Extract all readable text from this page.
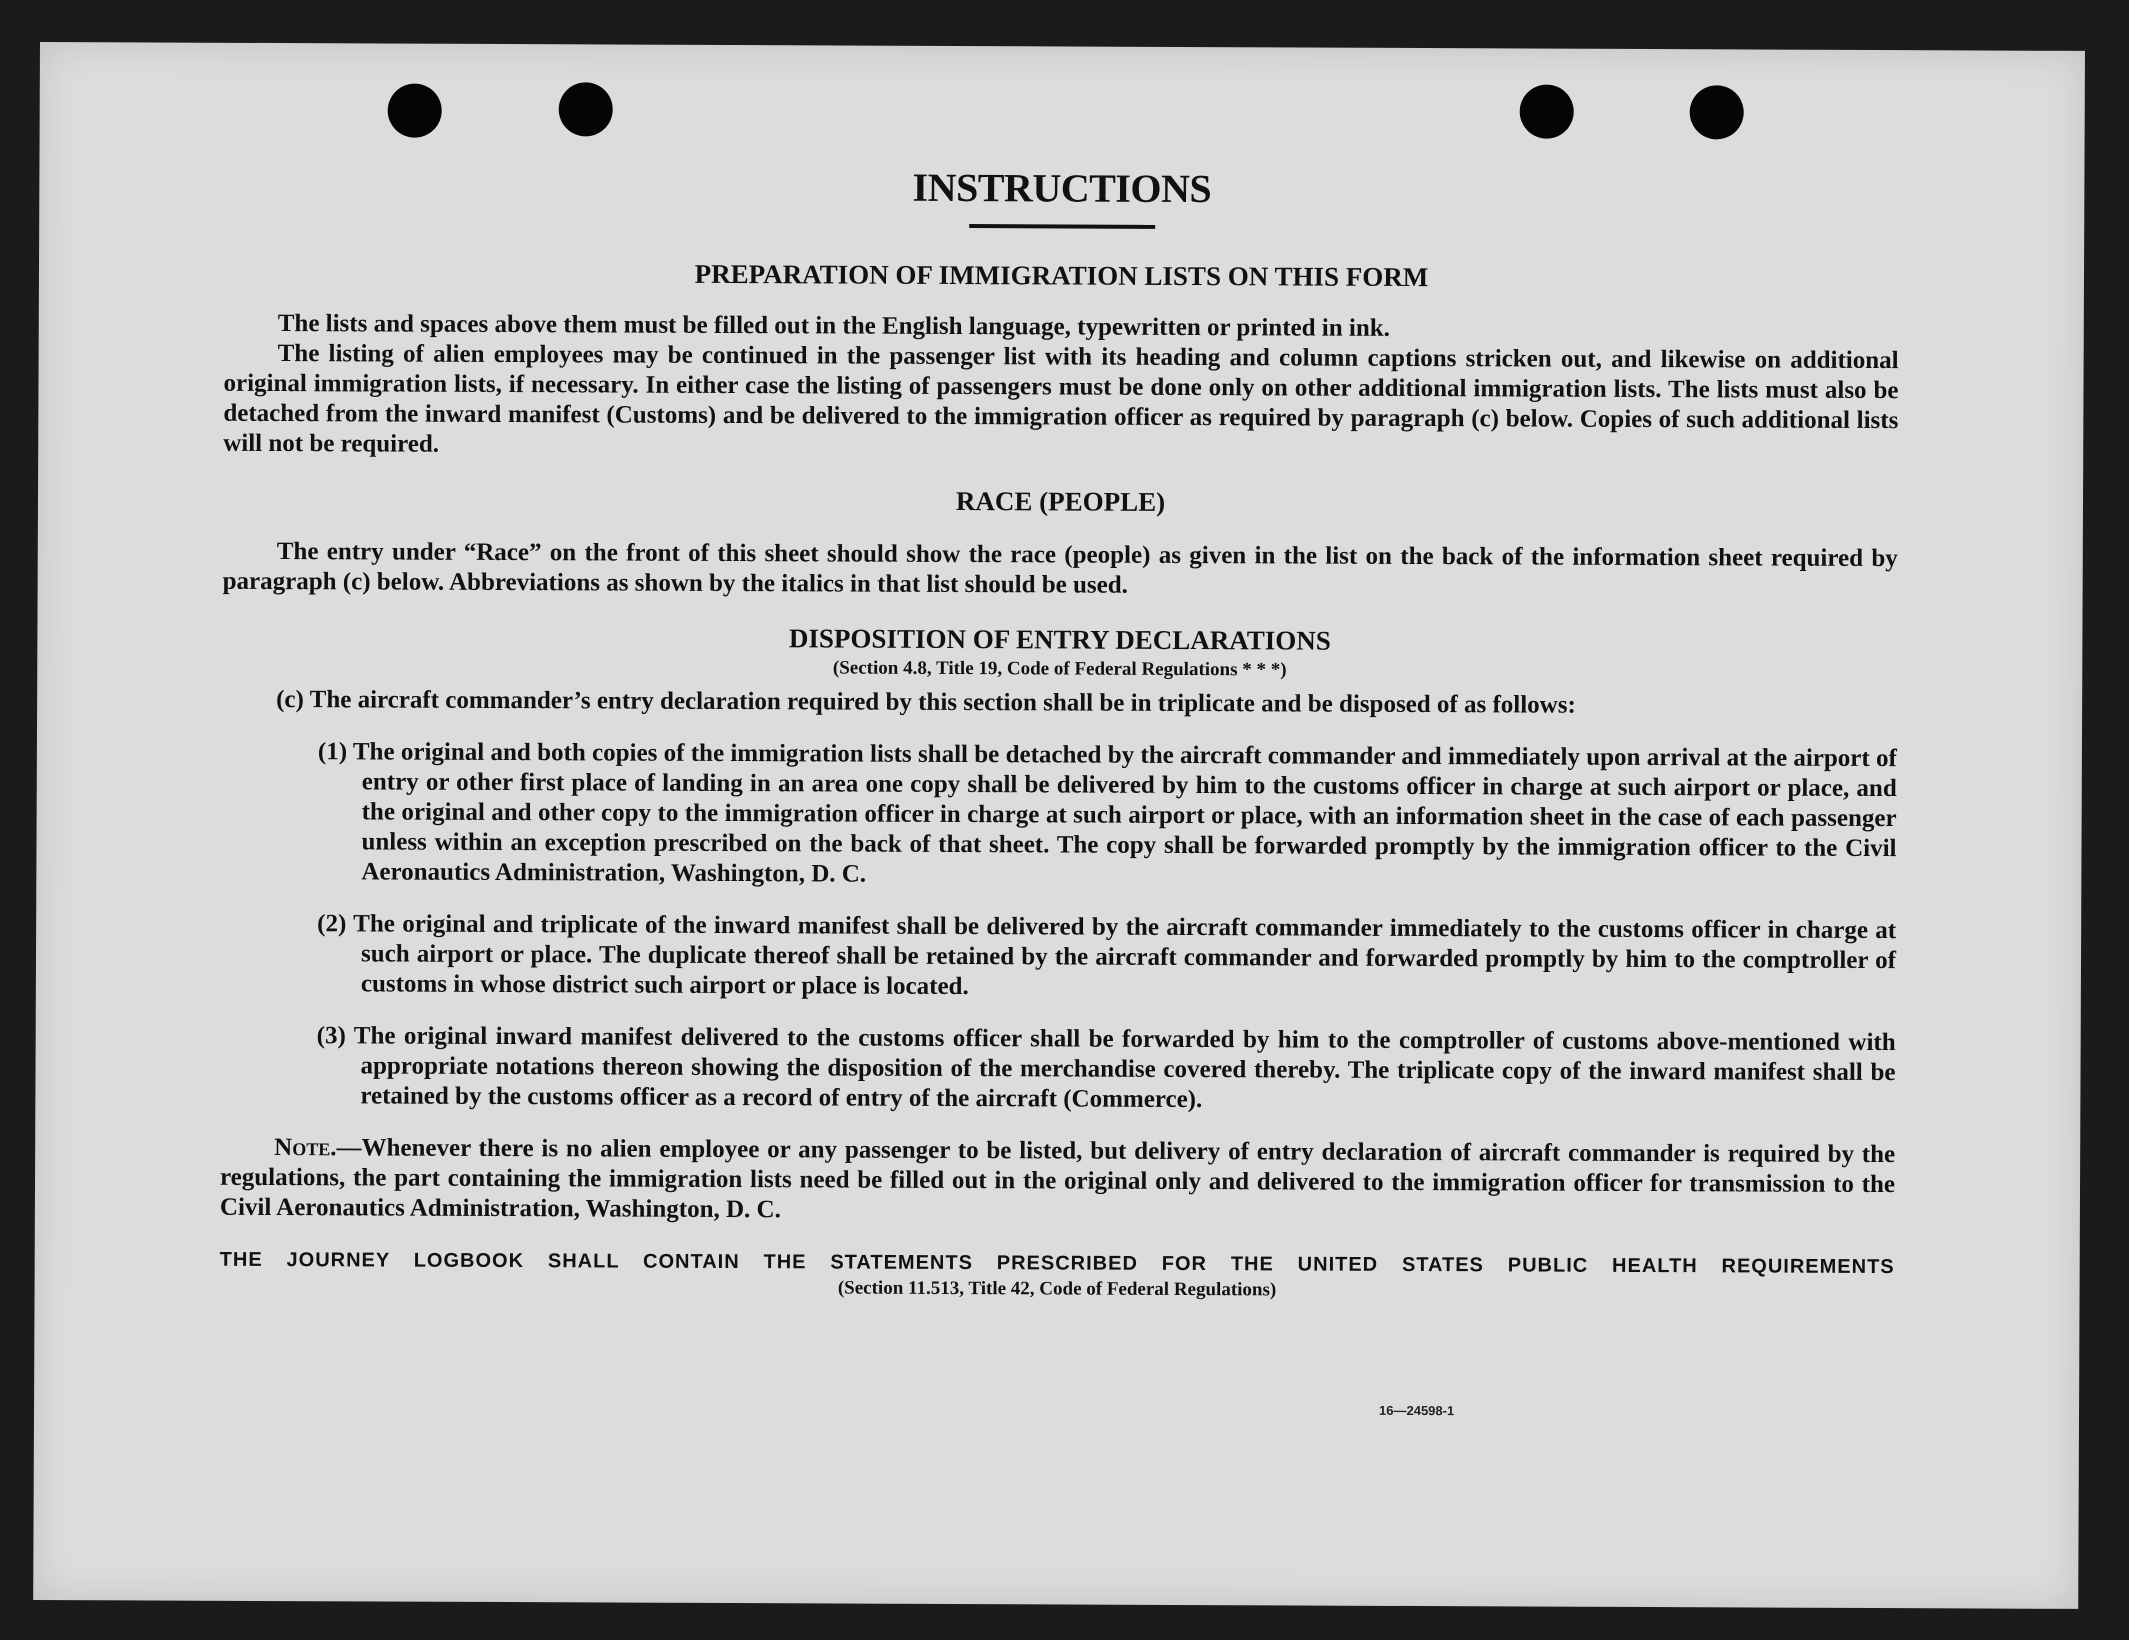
INSTRUCTIONS
PREPARATION OF IMMIGRATION LISTS ON THIS FORM

The lists and spaces above them must be filled out in the English language, typewritten or printed in ink.

The listing of alien employees may be continued in the passenger list with its heading and column captions stricken out, and likewise on additional original immigration lists, if necessary. In either case the listing of passengers must be done only on other additional immigration lists. The lists must also be detached from the inward manifest (Customs) and be delivered to the immigration officer as required by paragraph (c) below. Copies of such additional lists will not be required.

RACE (PEOPLE)

The entry under “Race” on the front of this sheet should show the race (people) as given in the list on the back of the information sheet required by paragraph (c) below. Abbreviations as shown by the italics in that list should be used.

DISPOSITION OF ENTRY DECLARATIONS
(Section 4.8, Title 19, Code of Federal Regulations * * *)

(c) The aircraft commander’s entry declaration required by this section shall be in triplicate and be disposed of as follows:

(1) The original and both copies of the immigration lists shall be detached by the aircraft commander and immediately upon arrival at the airport of entry or other first place of landing in an area one copy shall be delivered by him to the customs officer in charge at such airport or place, and the original and other copy to the immigration officer in charge at such airport or place, with an information sheet in the case of each passenger unless within an exception prescribed on the back of that sheet. The copy shall be forwarded promptly by the immigration officer to the Civil Aeronautics Administration, Washington, D. C.

(2) The original and triplicate of the inward manifest shall be delivered by the aircraft commander immediately to the customs officer in charge at such airport or place. The duplicate thereof shall be retained by the aircraft commander and forwarded promptly by him to the comptroller of customs in whose district such airport or place is located.

(3) The original inward manifest delivered to the customs officer shall be forwarded by him to the comptroller of customs above-mentioned with appropriate notations thereon showing the disposition of the merchandise covered thereby. The triplicate copy of the inward manifest shall be retained by the customs officer as a record of entry of the aircraft (Commerce).

Note.—Whenever there is no alien employee or any passenger to be listed, but delivery of entry declaration of aircraft commander is required by the regulations, the part containing the immigration lists need be filled out in the original only and delivered to the immigration officer for transmission to the Civil Aeronautics Administration, Washington, D. C.

THE JOURNEY LOGBOOK SHALL CONTAIN THE STATEMENTS PRESCRIBED FOR THE UNITED STATES PUBLIC HEALTH REQUIREMENTS

(Section 11.513, Title 42, Code of Federal Regulations)
16—24598-1
